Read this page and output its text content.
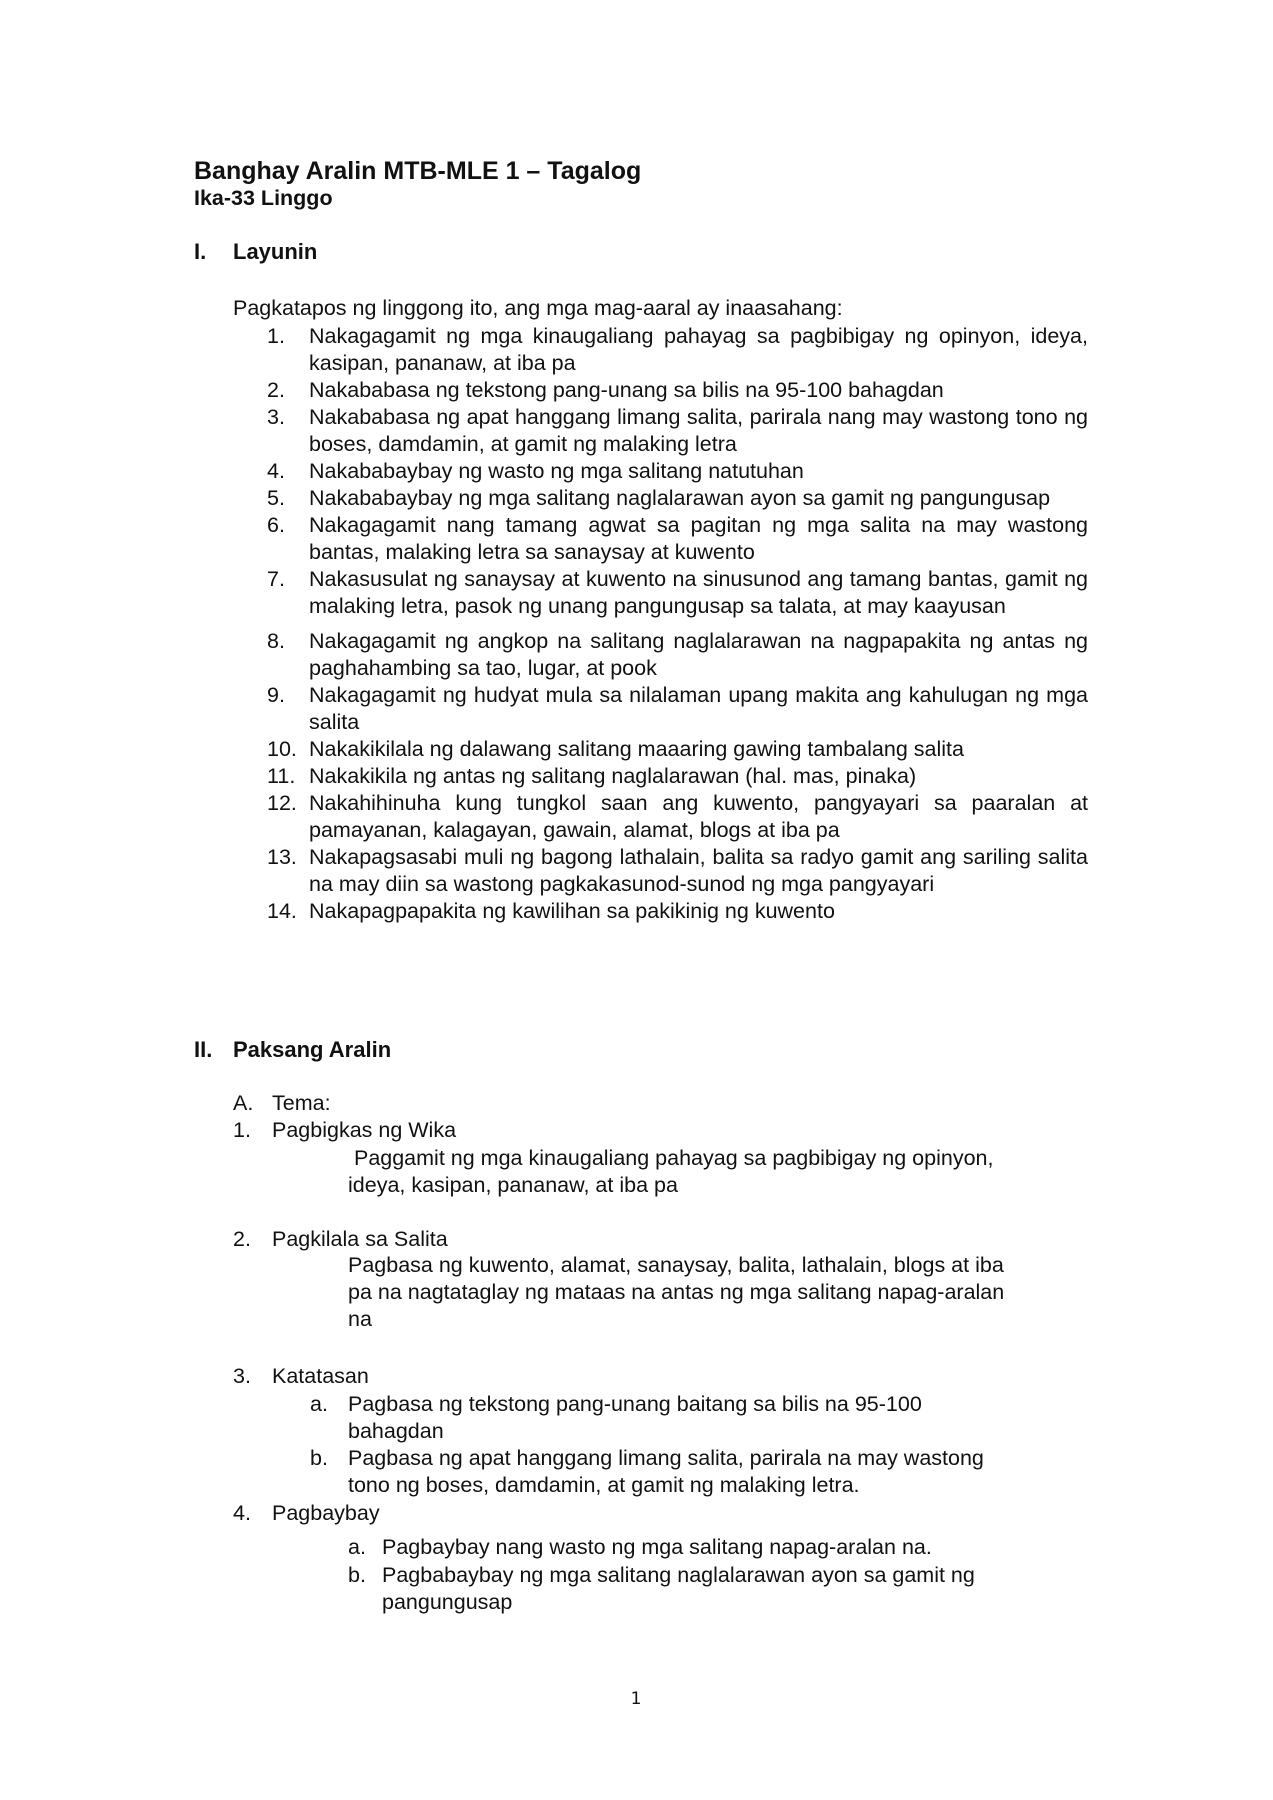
Banghay Aralin MTB-MLE 1 – Tagalog
Ika-33 Linggo
I. Layunin
Pagkatapos ng linggong ito, ang mga mag-aaral ay inaasahang:
1.	Nakagagamit ng mga kinaugaliang pahayag sa pagbibigay ng opinyon, ideya, kasipan, pananaw, at iba pa
2.	Nakababasa ng tekstong pang-unang sa bilis na 95-100 bahagdan
3.	Nakababasa ng apat hanggang limang salita, parirala nang may wastong tono ng boses, damdamin, at gamit ng malaking letra
4.	Nakababaybay ng wasto ng mga salitang natutuhan
5.	Nakababaybay ng mga salitang naglalarawan ayon sa gamit ng pangungusap
6.	Nakagagamit nang tamang agwat sa pagitan ng mga salita na may wastong bantas, malaking letra sa sanaysay at kuwento
7.	Nakasusulat ng sanaysay at kuwento na sinusunod ang tamang bantas, gamit ng malaking letra, pasok ng unang pangungusap sa talata, at may kaayusan
8.	Nakagagamit ng angkop na salitang naglalarawan na nagpapakita ng antas ng paghahambing sa tao, lugar, at pook
9.	Nakagagamit ng hudyat mula sa nilalaman upang makita ang kahulugan ng mga salita
10. Nakakikilala ng dalawang salitang maaaring gawing tambalang salita
11. Nakakikila ng antas ng salitang naglalarawan (hal. mas, pinaka)
12. Nakahihinuha kung tungkol saan ang kuwento, pangyayari sa paaralan at pamayanan, kalagayan, gawain, alamat, blogs at iba pa
13. Nakapagsasabi muli ng bagong lathalain, balita sa radyo gamit ang sariling salita na may diin sa wastong pagkakasunod-sunod ng mga pangyayari
14. Nakapagpapakita ng kawilihan sa pakikinig ng kuwento
II. Paksang Aralin
A. Tema:
1. Pagbigkas ng Wika
Paggamit ng mga kinaugaliang pahayag sa pagbibigay ng opinyon,
ideya, kasipan, pananaw, at iba pa
2. Pagkilala sa Salita
Pagbasa ng kuwento, alamat, sanaysay, balita, lathalain, blogs at iba
pa na nagtataglay ng mataas na antas ng mga salitang napag-aralan
na
3. Katatasan
a. Pagbasa ng tekstong pang-unang baitang sa bilis na 95-100
bahagdan
b. Pagbasa ng apat hanggang limang salita, parirala na may wastong
tono ng boses, damdamin, at gamit ng malaking letra.
4. Pagbaybay
a. Pagbaybay nang wasto ng mga salitang napag-aralan na.
b. Pagbabaybay ng mga salitang naglalarawan ayon sa gamit ng
pangungusap
1
